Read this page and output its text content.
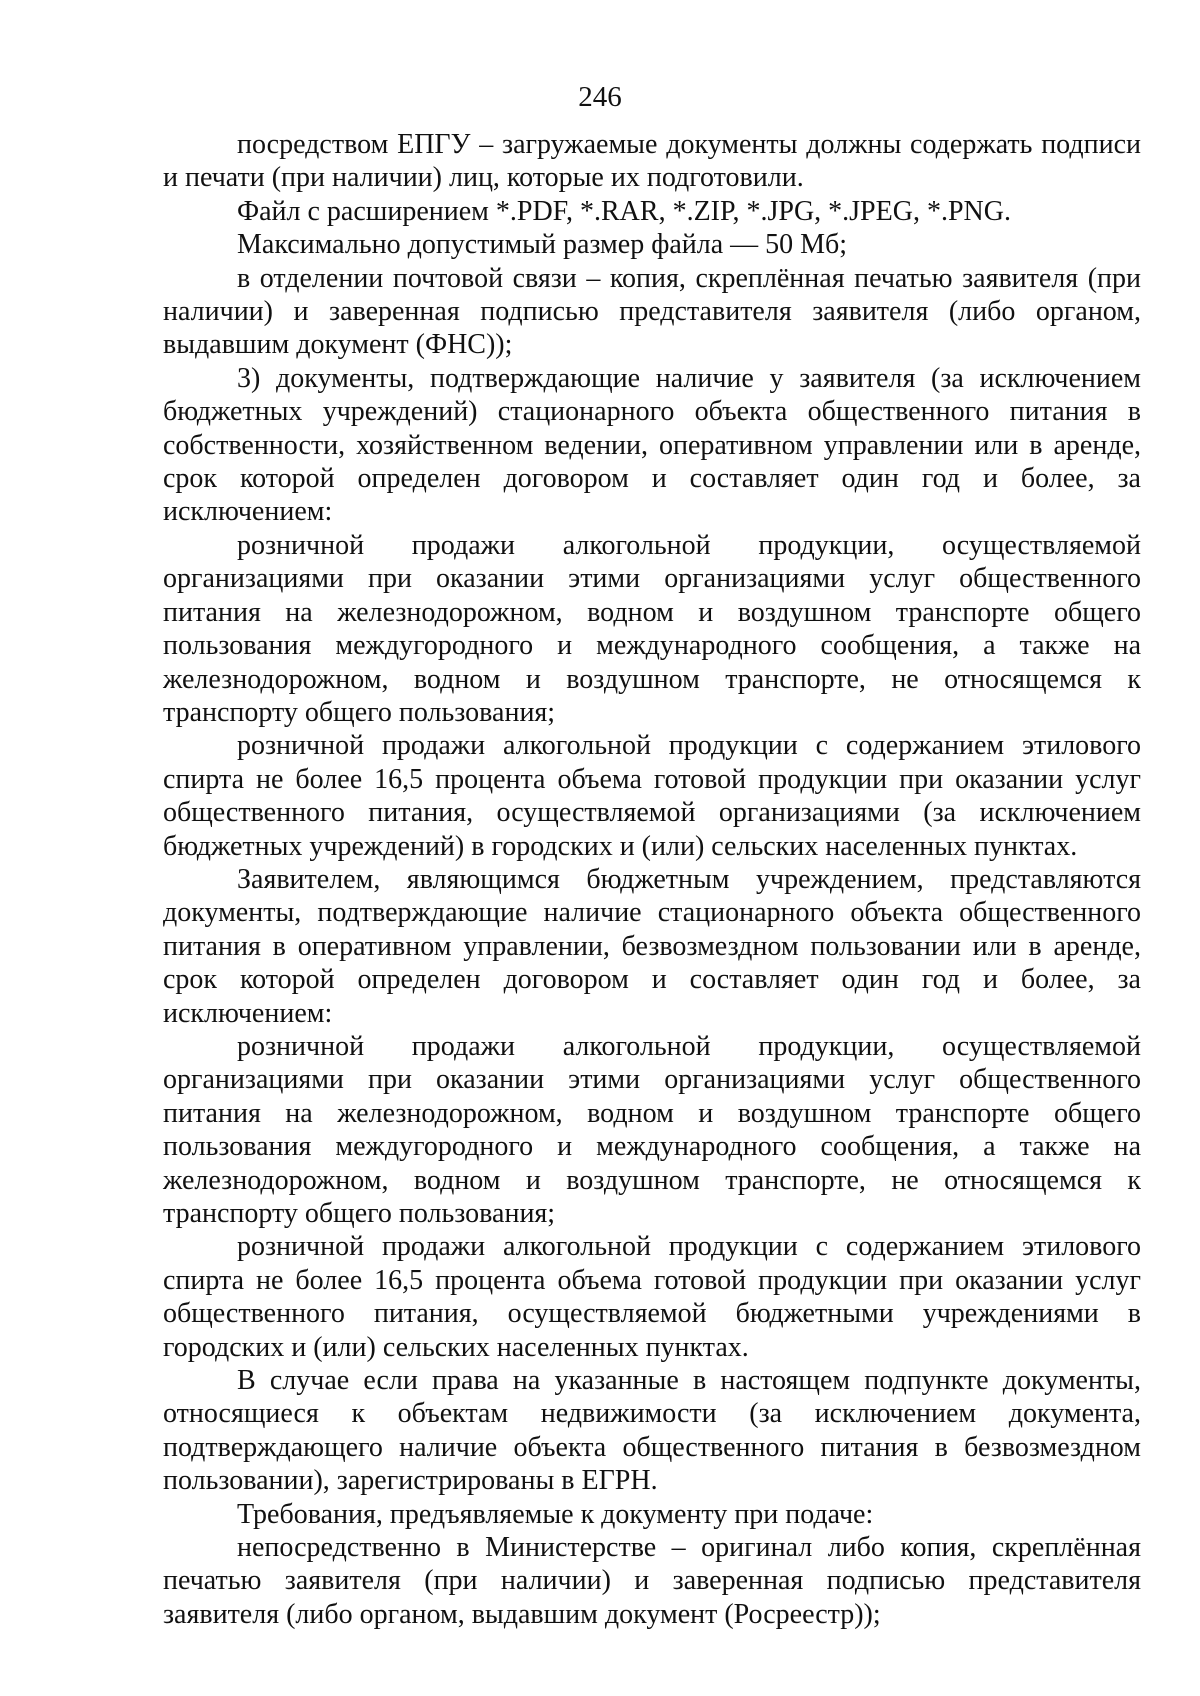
246

посредством ЕПГУ – загружаемые документы должны содержать подписи и печати (при наличии) лиц, которые их подготовили.

Файл с расширением *.PDF, *.RAR, *.ZIP, *.JPG, *.JPEG, *.PNG.

Максимально допустимый размер файла — 50 Мб;

в отделении почтовой связи – копия, скреплённая печатью заявителя (при наличии) и заверенная подписью представителя заявителя (либо органом, выдавшим документ (ФНС));

3) документы, подтверждающие наличие у заявителя (за исключением бюджетных учреждений) стационарного объекта общественного питания в собственности, хозяйственном ведении, оперативном управлении или в аренде, срок которой определен договором и составляет один год и более, за исключением:

розничной продажи алкогольной продукции, осуществляемой организациями при оказании этими организациями услуг общественного питания на железнодорожном, водном и воздушном транспорте общего пользования междугородного и международного сообщения, а также на железнодорожном, водном и воздушном транспорте, не относящемся к транспорту общего пользования;

розничной продажи алкогольной продукции с содержанием этилового спирта не более 16,5 процента объема готовой продукции при оказании услуг общественного питания, осуществляемой организациями (за исключением бюджетных учреждений) в городских и (или) сельских населенных пунктах.

Заявителем, являющимся бюджетным учреждением, представляются документы, подтверждающие наличие стационарного объекта общественного питания в оперативном управлении, безвозмездном пользовании или в аренде, срок которой определен договором и составляет один год и более, за исключением:

розничной продажи алкогольной продукции, осуществляемой организациями при оказании этими организациями услуг общественного питания на железнодорожном, водном и воздушном транспорте общего пользования междугородного и международного сообщения, а также на железнодорожном, водном и воздушном транспорте, не относящемся к транспорту общего пользования;

розничной продажи алкогольной продукции с содержанием этилового спирта не более 16,5 процента объема готовой продукции при оказании услуг общественного питания, осуществляемой бюджетными учреждениями в городских и (или) сельских населенных пунктах.

В случае если права на указанные в настоящем подпункте документы, относящиеся к объектам недвижимости (за исключением документа, подтверждающего наличие объекта общественного питания в безвозмездном пользовании), зарегистрированы в ЕГРН.

Требования, предъявляемые к документу при подаче:

непосредственно в Министерстве – оригинал либо копия, скреплённая печатью заявителя (при наличии) и заверенная подписью представителя заявителя (либо органом, выдавшим документ (Росреестр));
